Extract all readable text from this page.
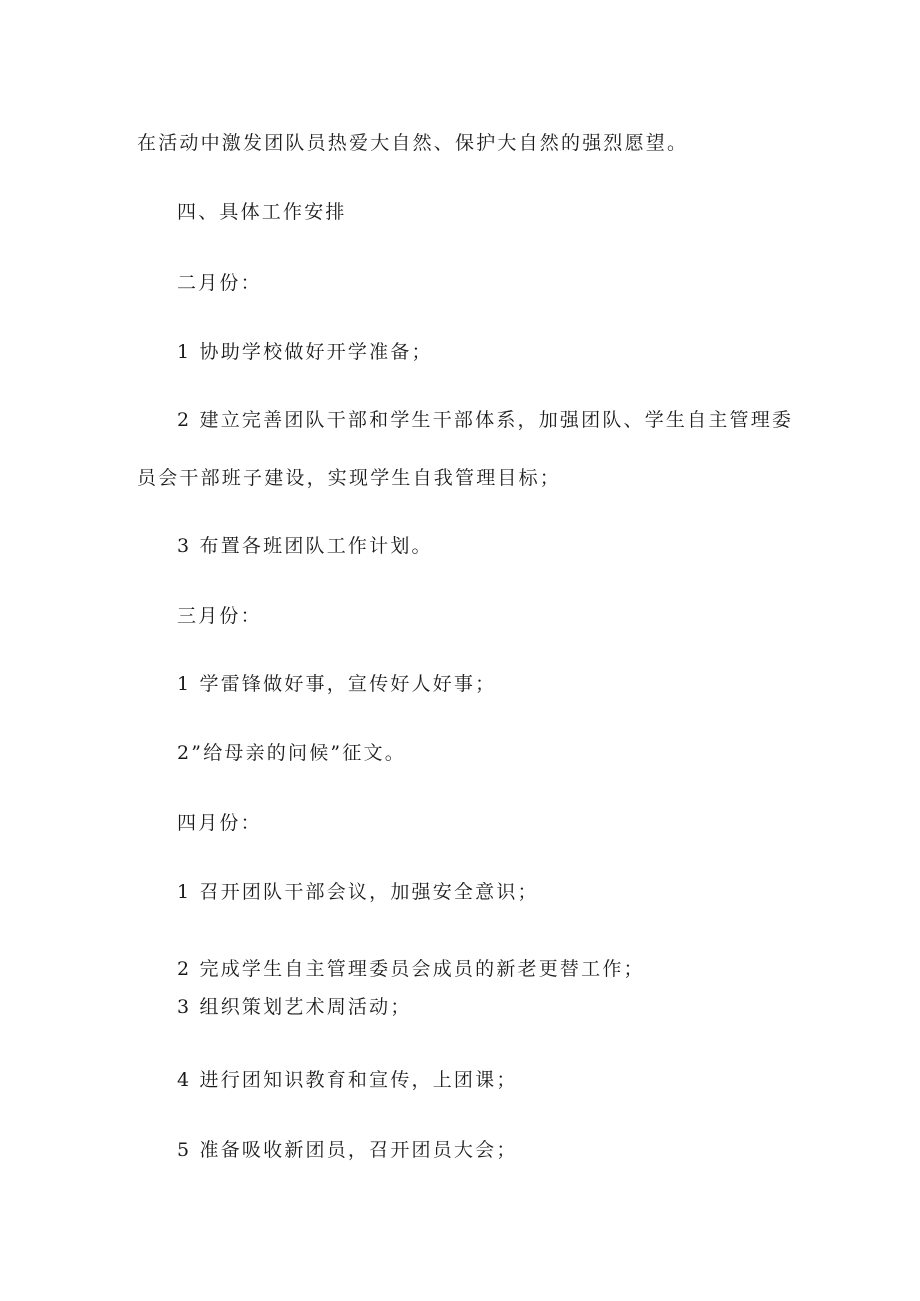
在活动中激发团队员热爱大自然、保护大自然的强烈愿望。

四、具体工作安排

二月份：

1 协助学校做好开学准备；

2 建立完善团队干部和学生干部体系，加强团队、学生自主管理委

员会干部班子建设，实现学生自我管理目标；

3 布置各班团队工作计划。

三月份：

1 学雷锋做好事，宣传好人好事；

2”给母亲的问候”征文。

四月份：

1 召开团队干部会议，加强安全意识；

2 完成学生自主管理委员会成员的新老更替工作；

3 组织策划艺术周活动；

4 进行团知识教育和宣传，上团课；

5 准备吸收新团员，召开团员大会；
